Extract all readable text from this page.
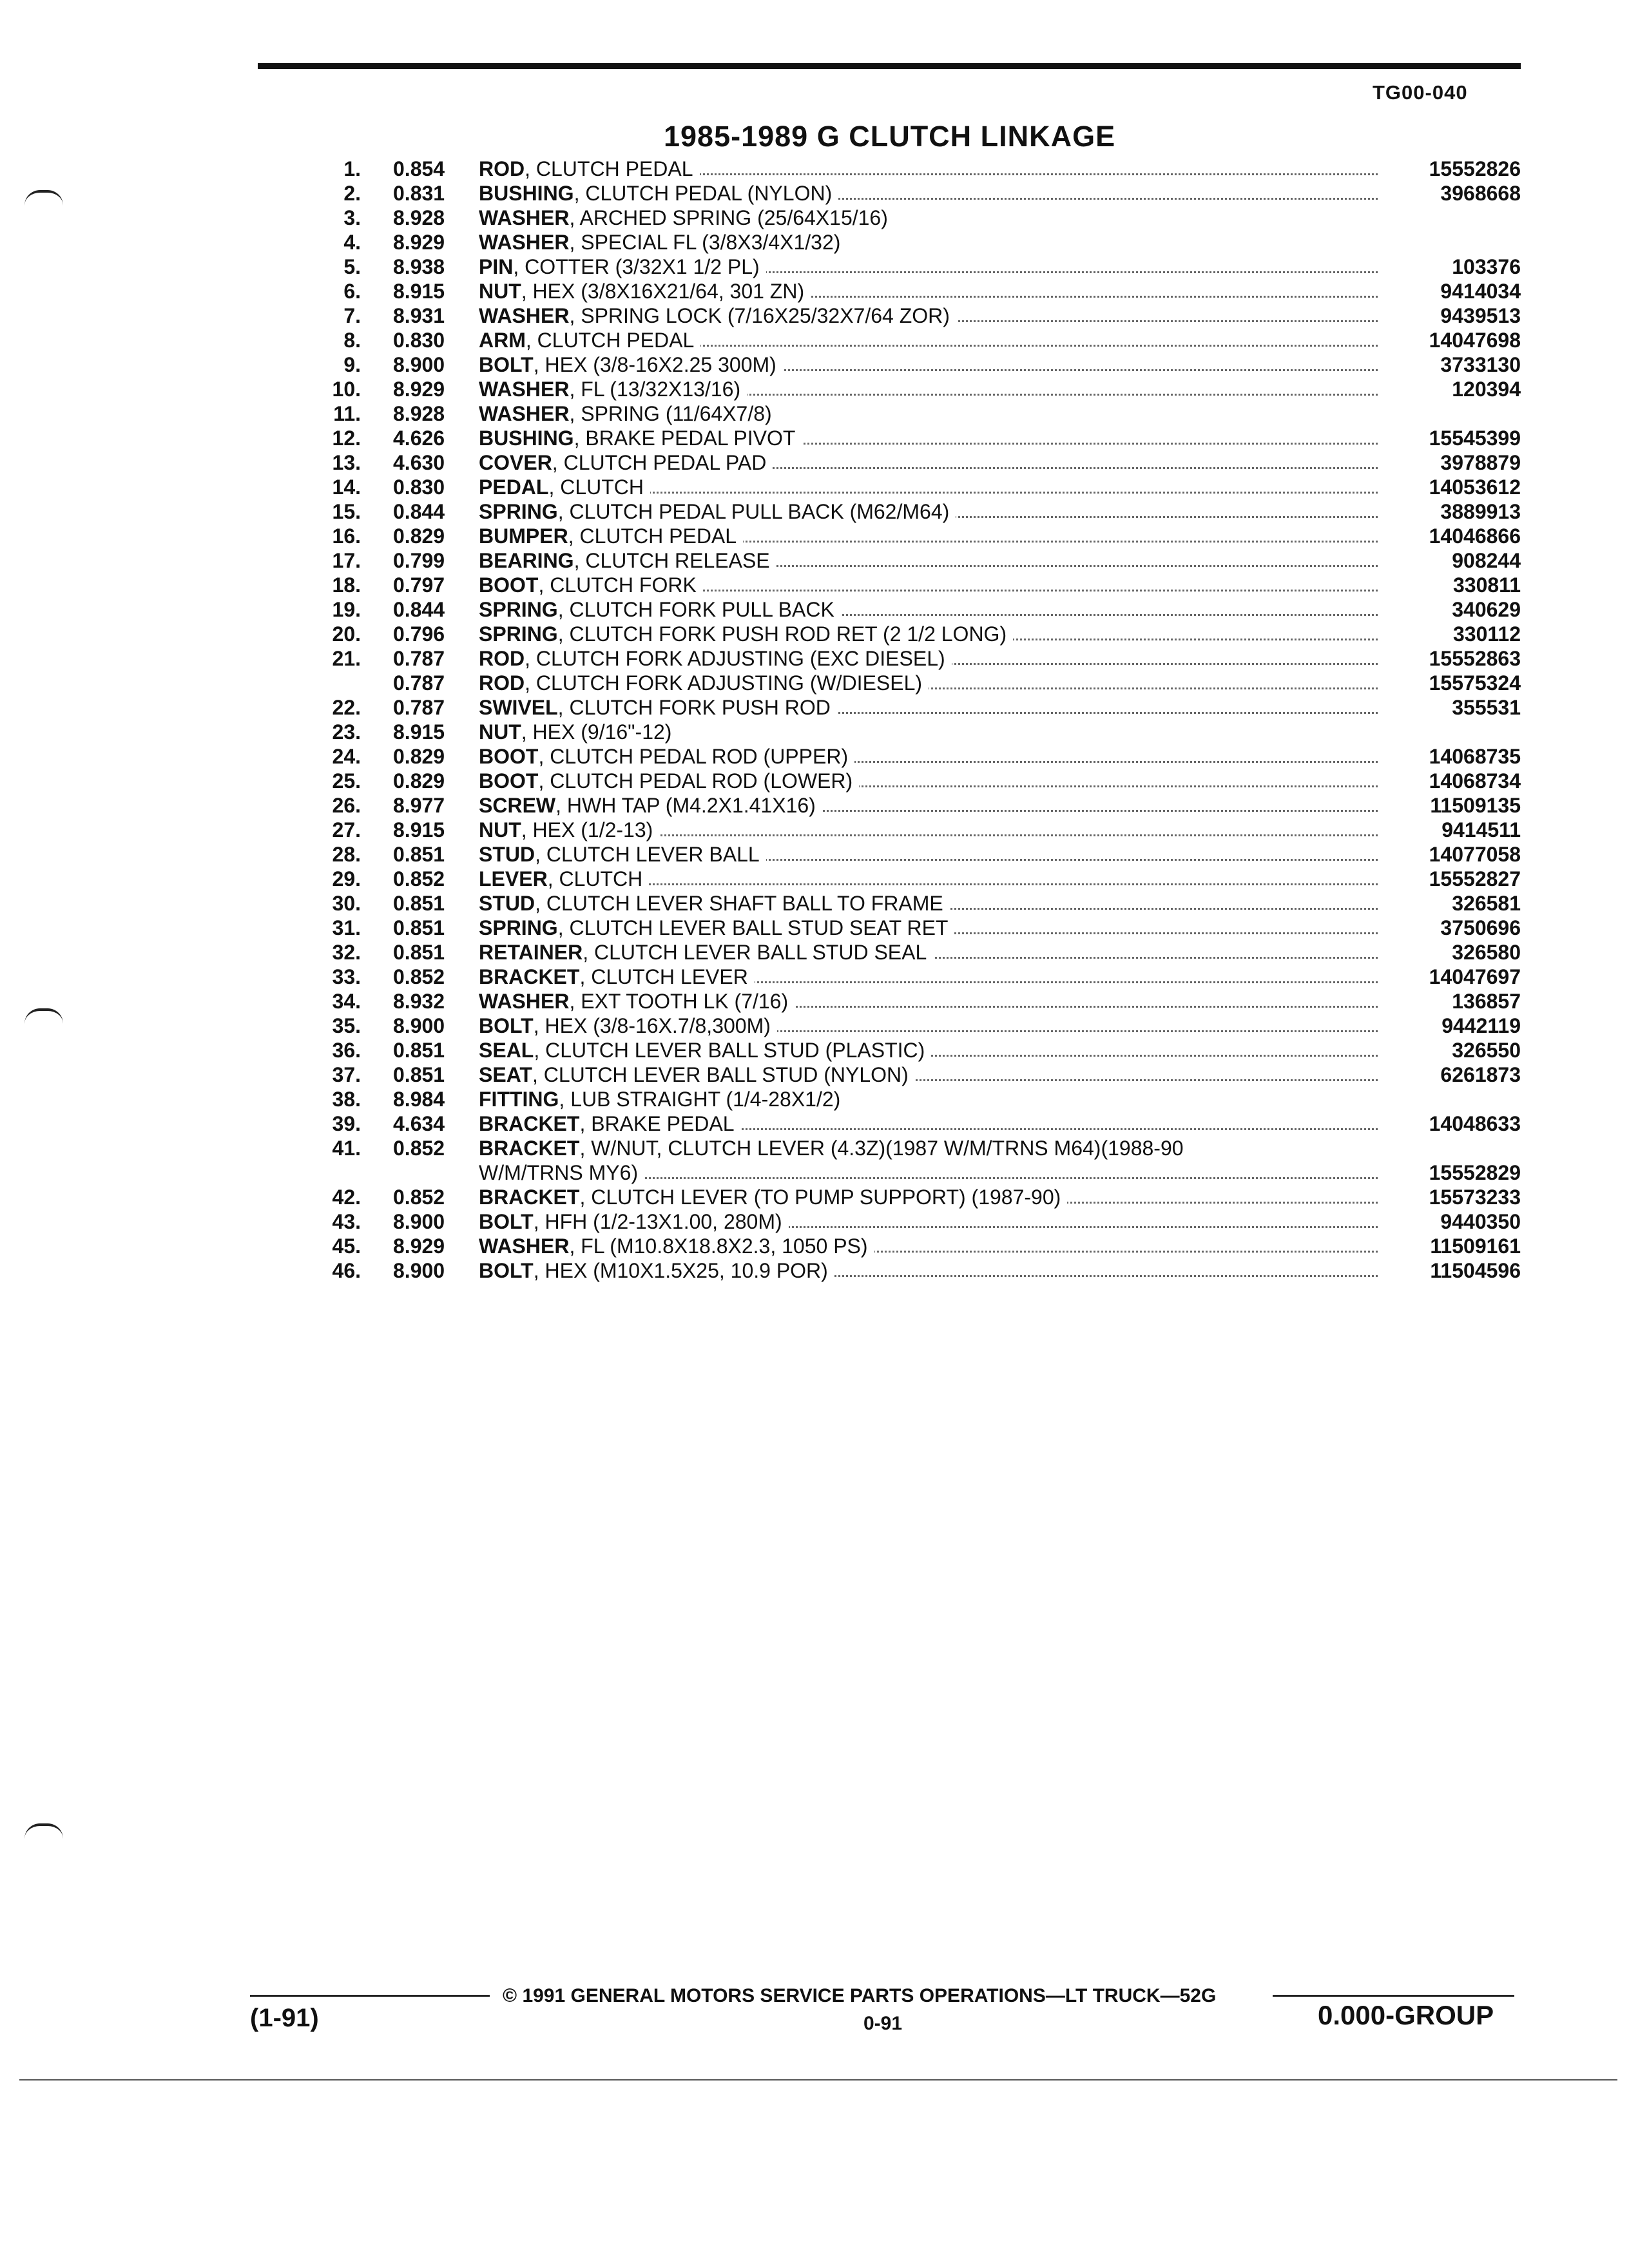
TG00-040
1985-1989 G CLUTCH LINKAGE
1. 0.854 ROD, CLUTCH PEDAL	15552826
2. 0.831 BUSHING, CLUTCH PEDAL (NYLON)	3968668
3. 8.928 WASHER, ARCHED SPRING (25/64X15/16)
4. 8.929 WASHER, SPECIAL FL (3/8X3/4X1/32)
5. 8.938 PIN, COTTER (3/32X1 1/2 PL)	103376
6. 8.915 NUT, HEX (3/8X16X21/64, 301 ZN)	9414034
7. 8.931 WASHER, SPRING LOCK (7/16X25/32X7/64 ZOR)	9439513
8. 0.830 ARM, CLUTCH PEDAL	14047698
9. 8.900 BOLT, HEX (3/8-16X2.25 300M)	3733130
10. 8.929 WASHER, FL (13/32X13/16)	120394
11. 8.928 WASHER, SPRING (11/64X7/8)
12. 4.626 BUSHING, BRAKE PEDAL PIVOT	15545399
13. 4.630 COVER, CLUTCH PEDAL PAD	3978879
14. 0.830 PEDAL, CLUTCH	14053612
15. 0.844 SPRING, CLUTCH PEDAL PULL BACK (M62/M64)	3889913
16. 0.829 BUMPER, CLUTCH PEDAL	14046866
17. 0.799 BEARING, CLUTCH RELEASE	908244
18. 0.797 BOOT, CLUTCH FORK	330811
19. 0.844 SPRING, CLUTCH FORK PULL BACK	340629
20. 0.796 SPRING, CLUTCH FORK PUSH ROD RET (2 1/2 LONG)	330112
21. 0.787 ROD, CLUTCH FORK ADJUSTING (EXC DIESEL)	15552863
0.787 ROD, CLUTCH FORK ADJUSTING (W/DIESEL)	15575324
22. 0.787 SWIVEL, CLUTCH FORK PUSH ROD	355531
23. 8.915 NUT, HEX (9/16"-12)
24. 0.829 BOOT, CLUTCH PEDAL ROD (UPPER)	14068735
25. 0.829 BOOT, CLUTCH PEDAL ROD (LOWER)	14068734
26. 8.977 SCREW, HWH TAP (M4.2X1.41X16)	11509135
27. 8.915 NUT, HEX (1/2-13)	9414511
28. 0.851 STUD, CLUTCH LEVER BALL	14077058
29. 0.852 LEVER, CLUTCH	15552827
30. 0.851 STUD, CLUTCH LEVER SHAFT BALL TO FRAME	326581
31. 0.851 SPRING, CLUTCH LEVER BALL STUD SEAT RET	3750696
32. 0.851 RETAINER, CLUTCH LEVER BALL STUD SEAL	326580
33. 0.852 BRACKET, CLUTCH LEVER	14047697
34. 8.932 WASHER, EXT TOOTH LK (7/16)	136857
35. 8.900 BOLT, HEX (3/8-16X.7/8,300M)	9442119
36. 0.851 SEAL, CLUTCH LEVER BALL STUD (PLASTIC)	326550
37. 0.851 SEAT, CLUTCH LEVER BALL STUD (NYLON)	6261873
38. 8.984 FITTING, LUB STRAIGHT (1/4-28X1/2)
39. 4.634 BRACKET, BRAKE PEDAL	14048633
41. 0.852 BRACKET, W/NUT, CLUTCH LEVER (4.3Z)(1987 W/M/TRNS M64)(1988-90
W/M/TRNS MY6)	15552829
42. 0.852 BRACKET, CLUTCH LEVER (TO PUMP SUPPORT) (1987-90)	15573233
43. 8.900 BOLT, HFH (1/2-13X1.00, 280M)	9440350
45. 8.929 WASHER, FL (M10.8X18.8X2.3, 1050 PS)	11509161
46. 8.900 BOLT, HEX (M10X1.5X25, 10.9 POR)	11504596
© 1991 GENERAL MOTORS SERVICE PARTS OPERATIONS—LT TRUCK—52G
(1-91)	0-91	0.000-GROUP
